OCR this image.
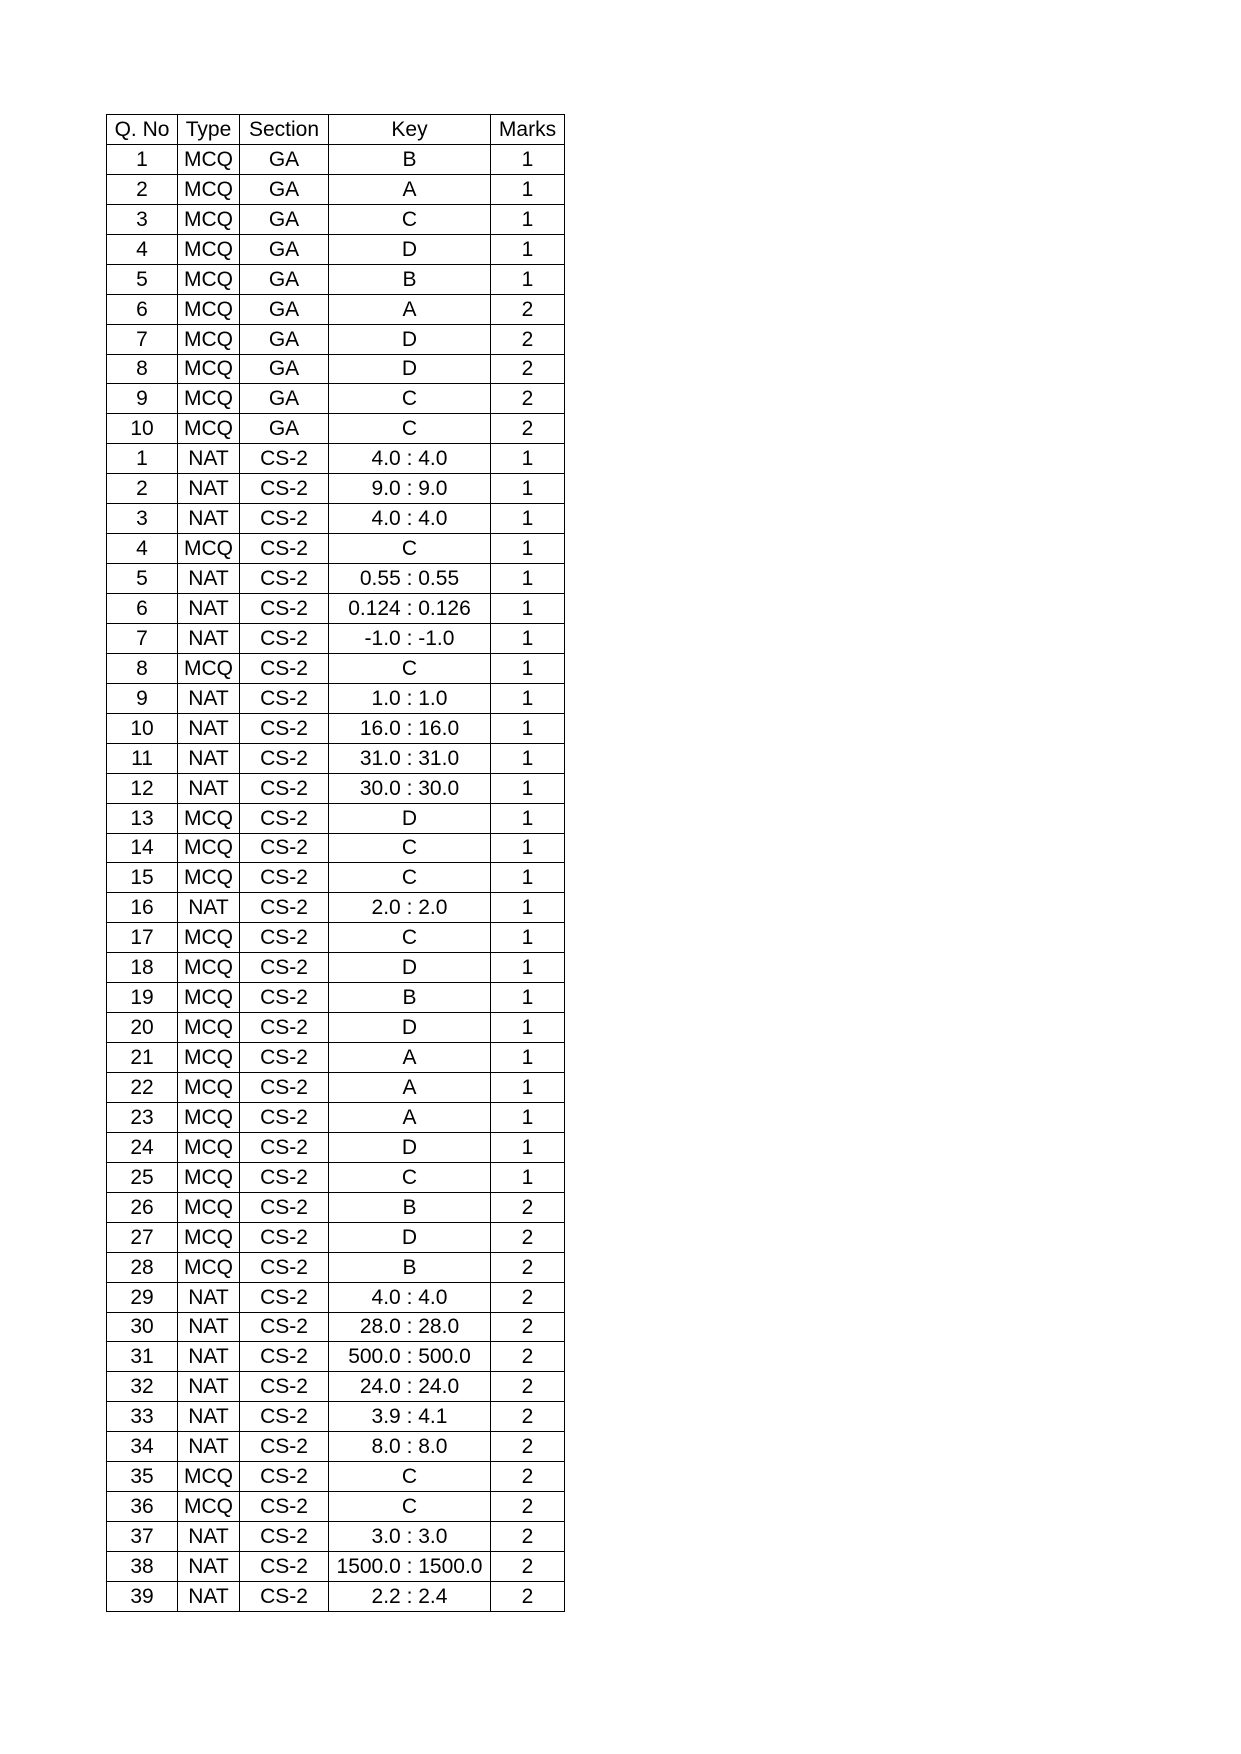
Q. No	Type	Section	Key	Marks
1	MCQ	GA	B	1
2	MCQ	GA	A	1
3	MCQ	GA	C	1
4	MCQ	GA	D	1
5	MCQ	GA	B	1
6	MCQ	GA	A	2
7	MCQ	GA	D	2
8	MCQ	GA	D	2
9	MCQ	GA	C	2
10	MCQ	GA	C	2
1	NAT	CS-2	4.0 : 4.0	1
2	NAT	CS-2	9.0 : 9.0	1
3	NAT	CS-2	4.0 : 4.0	1
4	MCQ	CS-2	C	1
5	NAT	CS-2	0.55 : 0.55	1
6	NAT	CS-2	0.124 : 0.126	1
7	NAT	CS-2	-1.0 : -1.0	1
8	MCQ	CS-2	C	1
9	NAT	CS-2	1.0 : 1.0	1
10	NAT	CS-2	16.0 : 16.0	1
11	NAT	CS-2	31.0 : 31.0	1
12	NAT	CS-2	30.0 : 30.0	1
13	MCQ	CS-2	D	1
14	MCQ	CS-2	C	1
15	MCQ	CS-2	C	1
16	NAT	CS-2	2.0 : 2.0	1
17	MCQ	CS-2	C	1
18	MCQ	CS-2	D	1
19	MCQ	CS-2	B	1
20	MCQ	CS-2	D	1
21	MCQ	CS-2	A	1
22	MCQ	CS-2	A	1
23	MCQ	CS-2	A	1
24	MCQ	CS-2	D	1
25	MCQ	CS-2	C	1
26	MCQ	CS-2	B	2
27	MCQ	CS-2	D	2
28	MCQ	CS-2	B	2
29	NAT	CS-2	4.0 : 4.0	2
30	NAT	CS-2	28.0 : 28.0	2
31	NAT	CS-2	500.0 : 500.0	2
32	NAT	CS-2	24.0 : 24.0	2
33	NAT	CS-2	3.9 : 4.1	2
34	NAT	CS-2	8.0 : 8.0	2
35	MCQ	CS-2	C	2
36	MCQ	CS-2	C	2
37	NAT	CS-2	3.0 : 3.0	2
38	NAT	CS-2	1500.0 : 1500.0	2
39	NAT	CS-2	2.2 : 2.4	2
